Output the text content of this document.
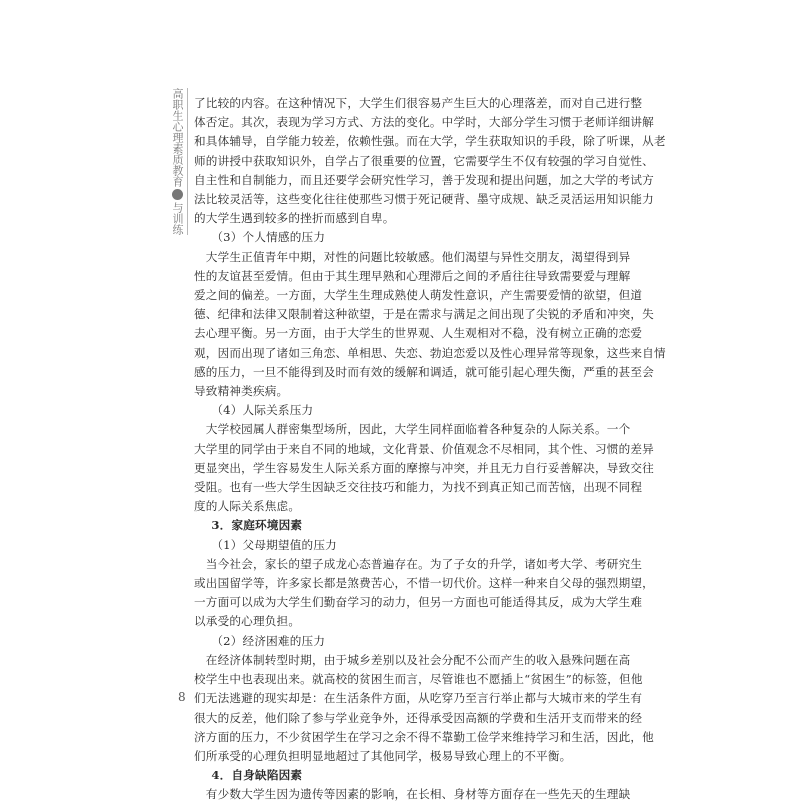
高职生心理素质教育
与训练
8
了比较的内容。在这种情况下，大学生们很容易产生巨大的心理落差，而对自己进行整
体否定。其次，表现为学习方式、方法的变化。中学时，大部分学生习惯于老师详细讲解
和具体辅导，自学能力较差，依赖性强。而在大学，学生获取知识的手段，除了听课，从老
师的讲授中获取知识外，自学占了很重要的位置，它需要学生不仅有较强的学习自觉性、
自主性和自制能力，而且还要学会研究性学习，善于发现和提出问题，加之大学的考试方
法比较灵活等，这些变化往往使那些习惯于死记硬背、墨守成规、缺乏灵活运用知识能力
的大学生遇到较多的挫折而感到自卑。
（3）个人情感的压力
　大学生正值青年中期，对性的问题比较敏感。他们渴望与异性交朋友，渴望得到异
性的友谊甚至爱情。但由于其生理早熟和心理滞后之间的矛盾往往导致需要爱与理解
爱之间的偏差。一方面，大学生生理成熟使人萌发性意识，产生需要爱情的欲望，但道
德、纪律和法律又限制着这种欲望，于是在需求与满足之间出现了尖锐的矛盾和冲突，失
去心理平衡。另一方面，由于大学生的世界观、人生观相对不稳，没有树立正确的恋爱
观，因而出现了诸如三角恋、单相思、失恋、勃迫恋爱以及性心理异常等现象，这些来自情
感的压力，一旦不能得到及时而有效的缓解和调适，就可能引起心理失衡，严重的甚至会
导致精神类疾病。
（4）人际关系压力
　大学校园属人群密集型场所，因此，大学生同样面临着各种复杂的人际关系。一个
大学里的同学由于来自不同的地域，文化背景、价值观念不尽相同，其个性、习惯的差异
更显突出，学生容易发生人际关系方面的摩擦与冲突，并且无力自行妥善解决，导致交往
受阻。也有一些大学生因缺乏交往技巧和能力，为找不到真正知己而苦恼，出现不同程
度的人际关系焦虑。
3．家庭环境因素
（1）父母期望值的压力
　当今社会，家长的望子成龙心态普遍存在。为了子女的升学，诸如考大学、考研究生
或出国留学等，许多家长都是煞费苦心，不惜一切代价。这样一种来自父母的强烈期望，
一方面可以成为大学生们勤奋学习的动力，但另一方面也可能适得其反，成为大学生难
以承受的心理负担。
（2）经济困难的压力
　在经济体制转型时期，由于城乡差别以及社会分配不公而产生的收入悬殊问题在高
校学生中也表现出来。就高校的贫困生而言，尽管谁也不愿插上“贫困生”的标签，但他
们无法逃避的现实却是：在生活条件方面，从吃穿乃至言行举止都与大城市来的学生有
很大的反差，他们除了参与学业竞争外，还得承受因高额的学费和生活开支而带来的经
济方面的压力，不少贫困学生在学习之余不得不靠勤工俭学来维持学习和生活，因此，他
们所承受的心理负担明显地超过了其他同学，极易导致心理上的不平衡。
4．自身缺陷因素
　有少数大学生因为遗传等因素的影响，在长相、身材等方面存在一些先天的生理缺
